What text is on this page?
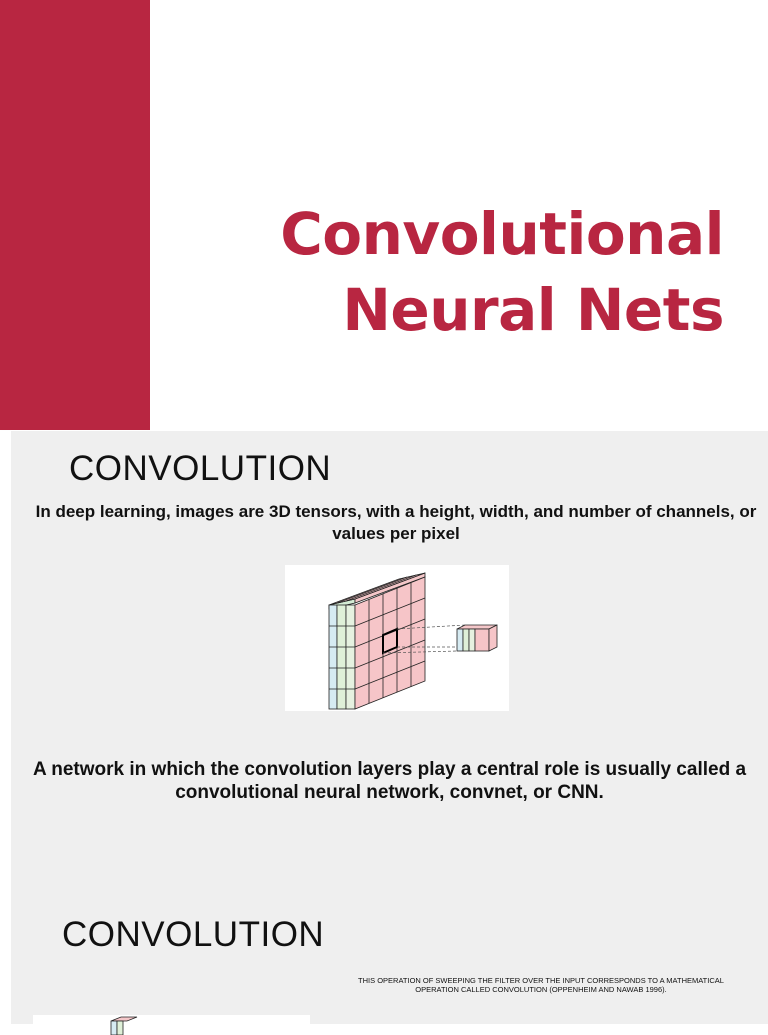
Convolutional
Neural Nets
CONVOLUTION

In deep learning, images are 3D tensors, with a height, width, and number of channels, or values per pixel

A network in which the convolution layers play a central role is usually called a convolutional neural network, convnet, or CNN.

CONVOLUTION

THIS OPERATION OF SWEEPING THE FILTER OVER THE INPUT CORRESPONDS TO A MATHEMATICAL OPERATION CALLED CONVOLUTION (OPPENHEIM AND NAWAB 1996).
